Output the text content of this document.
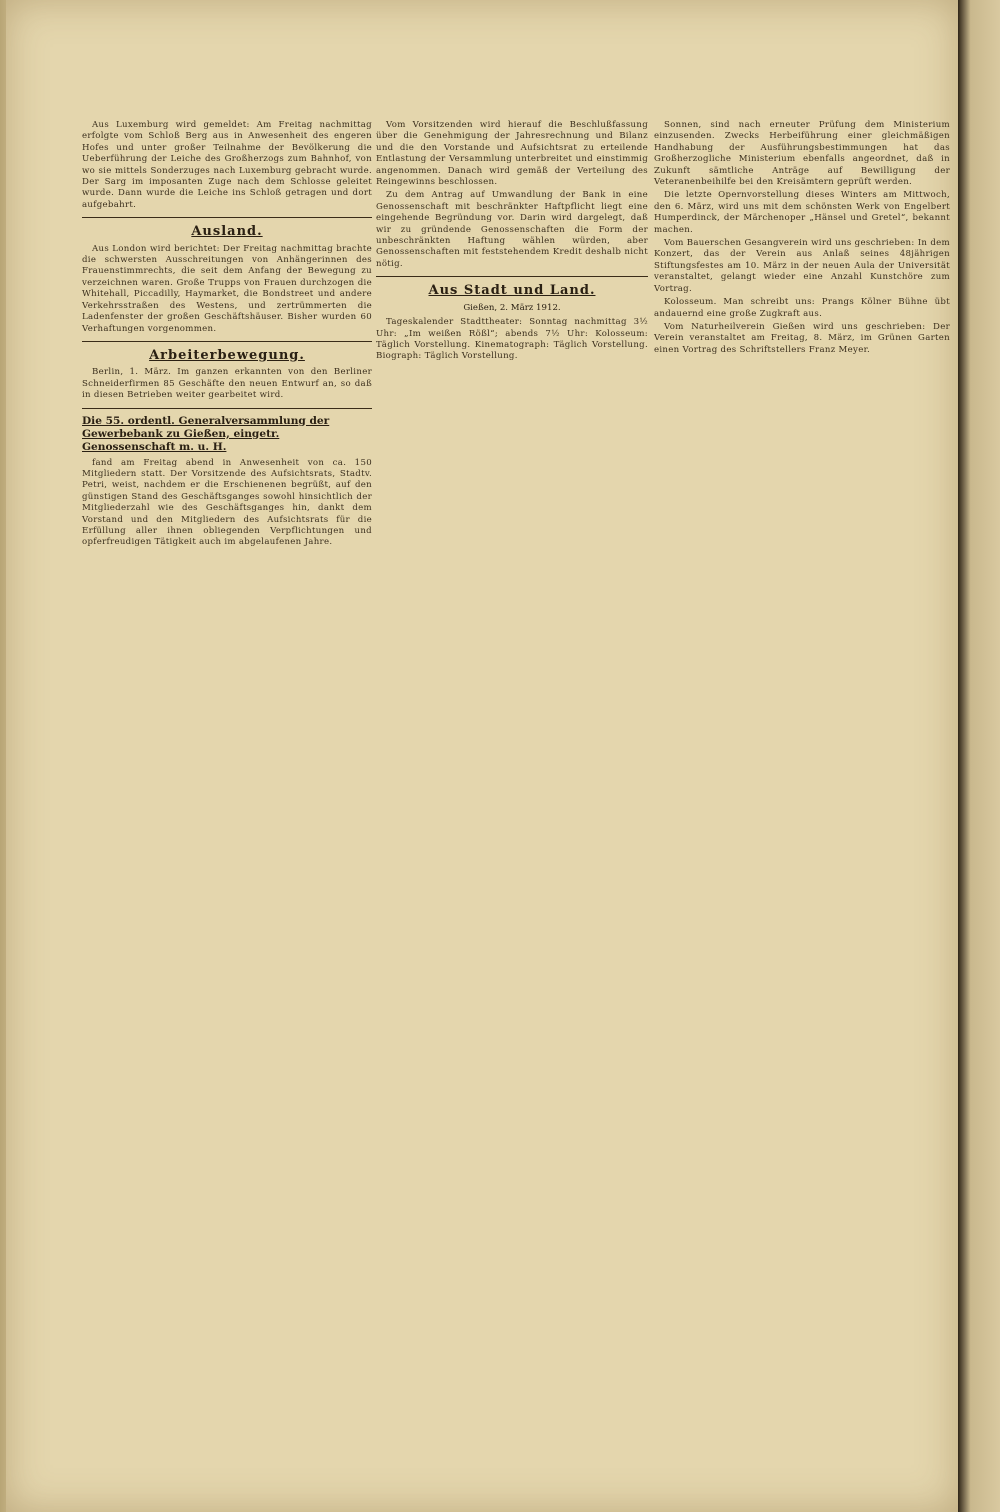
Aus Luxemburg wird gemeldet: Am Freitag nachmittag erfolgte vom Schloß Berg aus in Anwesenheit des engeren Hofes und unter großer Teilnahme der Bevölkerung die Ueberführung der Leiche des Großherzogs zum Bahnhof, von wo sie mittels Sonderzuges nach Luxemburg gebracht wurde. Der Sarg im imposanten Zuge nach dem Schlosse geleitet wurde. Dann wurde die Leiche ins Schloß getragen und dort aufgebahrt.

Ausland.

Aus London wird berichtet: Der Freitag nachmittag brachte die schwersten Ausschreitungen von Anhängerinnen des Frauenstimmrechts, die seit dem Anfang der Bewegung zu verzeichnen waren. Große Trupps von Frauen durchzogen die Whitehall, Piccadilly, Haymarket, die Bondstreet und andere Verkehrsstraßen des Westens, und zertrümmerten die Ladenfenster der großen Geschäftshäuser. Bisher wurden 60 Verhaftungen vorgenommen.

Arbeiterbewegung.

Berlin, 1. März. Im ganzen erkannten von den Berliner Schneiderfirmen 85 Geschäfte den neuen Entwurf an, so daß in diesen Betrieben weiter gearbeitet wird.

Die 55. ordentl. Generalversammlung der Gewerbebank zu Gießen, eingetr. Genossenschaft m. u. H.

fand am Freitag abend in Anwesenheit von ca. 150 Mitgliedern statt. Der Vorsitzende des Aufsichtsrats, Stadtv. Petri, weist, nachdem er die Erschienenen begrüßt, auf den günstigen Stand des Geschäftsganges sowohl hinsichtlich der Mitgliederzahl wie des Geschäftsganges hin, dankt dem Vorstand und den Mitgliedern des Aufsichtsrats für die Erfüllung aller ihnen obliegenden Verpflichtungen und opferfreudigen Tätigkeit auch im abgelaufenen Jahre.

Vom Vorsitzenden wird hierauf die Beschlußfassung über die Genehmigung der Jahresrechnung und Bilanz und die den Vorstande und Aufsichtsrat zu erteilende Entlastung der Versammlung unterbreitet und einstimmig angenommen. Danach wird gemäß der Verteilung des Reingewinns beschlossen.

Zu dem Antrag auf Umwandlung der Bank in eine Genossenschaft mit beschränkter Haftpflicht liegt eine eingehende Begründung vor. Darin wird dargelegt, daß wir zu gründende Genossenschaften die Form der unbeschränkten Haftung wählen würden, aber Genossenschaften mit feststehendem Kredit deshalb nicht nötig.

Aus Stadt und Land.
Gießen, 2. März 1912.

Tageskalender Stadttheater: Sonntag nachmittag 3½ Uhr: „Im weißen Rößl“; abends 7½ Uhr: Kolosseum: Täglich Vorstellung. Kinematograph: Täglich Vorstellung. Biograph: Täglich Vorstellung.

Sonnen, sind nach erneuter Prüfung dem Ministerium einzusenden. Zwecks Herbeiführung einer gleichmäßigen Handhabung der Ausführungsbestimmungen hat das Großherzogliche Ministerium ebenfalls angeordnet, daß in Zukunft sämtliche Anträge auf Bewilligung der Veteranenbeihilfe bei den Kreisämtern geprüft werden.

Die letzte Opernvorstellung dieses Winters am Mittwoch, den 6. März, wird uns mit dem schönsten Werk von Engelbert Humperdinck, der Märchenoper „Hänsel und Gretel“, bekannt machen.

Vom Bauerschen Gesangverein wird uns geschrieben: In dem Konzert, das der Verein aus Anlaß seines 48jährigen Stiftungsfestes am 10. März in der neuen Aula der Universität veranstaltet, gelangt wieder eine Anzahl Kunstchöre zum Vortrag.

Kolosseum. Man schreibt uns: Prangs Kölner Bühne übt andauernd eine große Zugkraft aus.

Vom Naturheilverein Gießen wird uns geschrieben: Der Verein veranstaltet am Freitag, 8. März, im Grünen Garten einen Vortrag des Schriftstellers Franz Meyer.
